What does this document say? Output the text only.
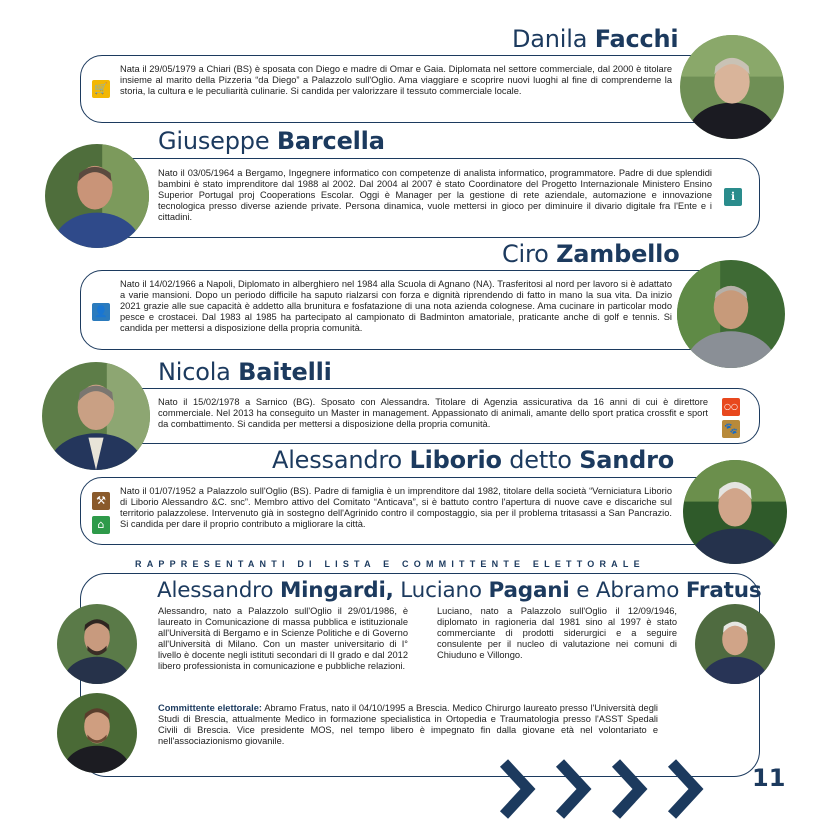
Danila Facchi
🛒
Nata il 29/05/1979 a Chiari (BS) è sposata con Diego e madre di Omar e Gaia. Diplomata nel settore commerciale, dal 2000 è titolare insieme al marito della Pizzeria “da Diego” a Palazzolo sull'Oglio. Ama viaggiare e scoprire nuovi luoghi al fine di comprenderne la storia, la cultura e le peculiarità culinarie. Si candida per valorizzare il tessuto commerciale locale.
Giuseppe Barcella
ℹ
Nato il 03/05/1964 a Bergamo, Ingegnere informatico con competenze di analista informatico, programmatore. Padre di due splendidi bambini è stato imprenditore dal 1988 al 2002. Dal 2004 al 2007 è stato Coordinatore del Progetto Internazionale Ministero Ensino Superior Portugal proj Cooperations Escolar. Oggi è Manager per la gestione di rete aziendale, automazione e innovazione tecnologica presso diverse aziende private. Persona dinamica, vuole mettersi in gioco per diminuire il divario digitale fra l'Ente e i cittadini.
Ciro Zambello
👤
Nato il 14/02/1966 a Napoli, Diplomato in alberghiero nel 1984 alla Scuola di Agnano (NA). Trasferitosi al nord per lavoro si è adattato a varie mansioni. Dopo un periodo difficile ha saputo rialzarsi con forza e dignità riprendendo di fatto in mano la sua vita. Da inizio 2021 grazie alle sue capacità è addetto alla brunitura e fosfatazione di una nota azienda colognese. Ama cucinare in particolar modo pesce e crostacei. Dal 1983 al 1985 ha partecipato al campionato di Badminton amatoriale, praticante anche di golf e tennis. Si candida per mettersi a disposizione della propria comunità.
Nicola Baitelli
○○
🐾
Nato il 15/02/1978 a Sarnico (BG). Sposato con Alessandra. Titolare di Agenzia assicurativa da 16 anni di cui è direttore commerciale. Nel 2013 ha conseguito un Master in management. Appassionato di animali, amante dello sport pratica crossfit e sport da combattimento. Si candida per mettersi a disposizione della propria comunità.
Alessandro Liborio detto Sandro
⚒
⌂
Nato il 01/07/1952 a Palazzolo sull'Oglio (BS). Padre di famiglia è un imprenditore dal 1982, titolare della società “Verniciatura Liborio di Liborio Alessandro &C. snc”. Membro attivo del Comitato “Anticava”, si è battuto contro l'apertura di nuove cave e discariche sul territorio palazzolese. Intervenuto già in sostegno dell'Agrinido contro il compostaggio, sia per il problema tritasassi a San Pancrazio. Si candida per dare il proprio contributo a migliorare la città.
RAPPRESENTANTI DI LISTA E COMMITTENTE ELETTORALE
Alessandro Mingardi, Luciano Pagani e Abramo Fratus
Alessandro, nato a Palazzolo sull'Oglio il 29/01/1986, è laureato in Comunicazione di massa pubblica e istituzionale all'Università di Bergamo e in Scienze Politiche e di Governo all'Università di Milano. Con un master universitario di I° livello è docente negli istituti secondari di II grado e dal 2012 libero professionista in comunicazione e pubbliche relazioni.
Luciano, nato a Palazzolo sull'Oglio il 12/09/1946, diplomato in ragioneria dal 1981 sino al 1997 è stato commerciante di prodotti siderurgici e a seguire consulente per il nucleo di valutazione nei comuni di Chiuduno e Villongo.
Committente elettorale: Abramo Fratus, nato il 04/10/1995 a Brescia. Medico Chirurgo laureato presso l'Università degli Studi di Brescia, attualmente Medico in formazione specialistica in Ortopedia e Traumatologia presso l'ASST Spedali Civili di Brescia. Vice presidente MOS, nel tempo libero è impegnato fin dalla giovane età nel volontariato e nell'associazionismo giovanile.
11
